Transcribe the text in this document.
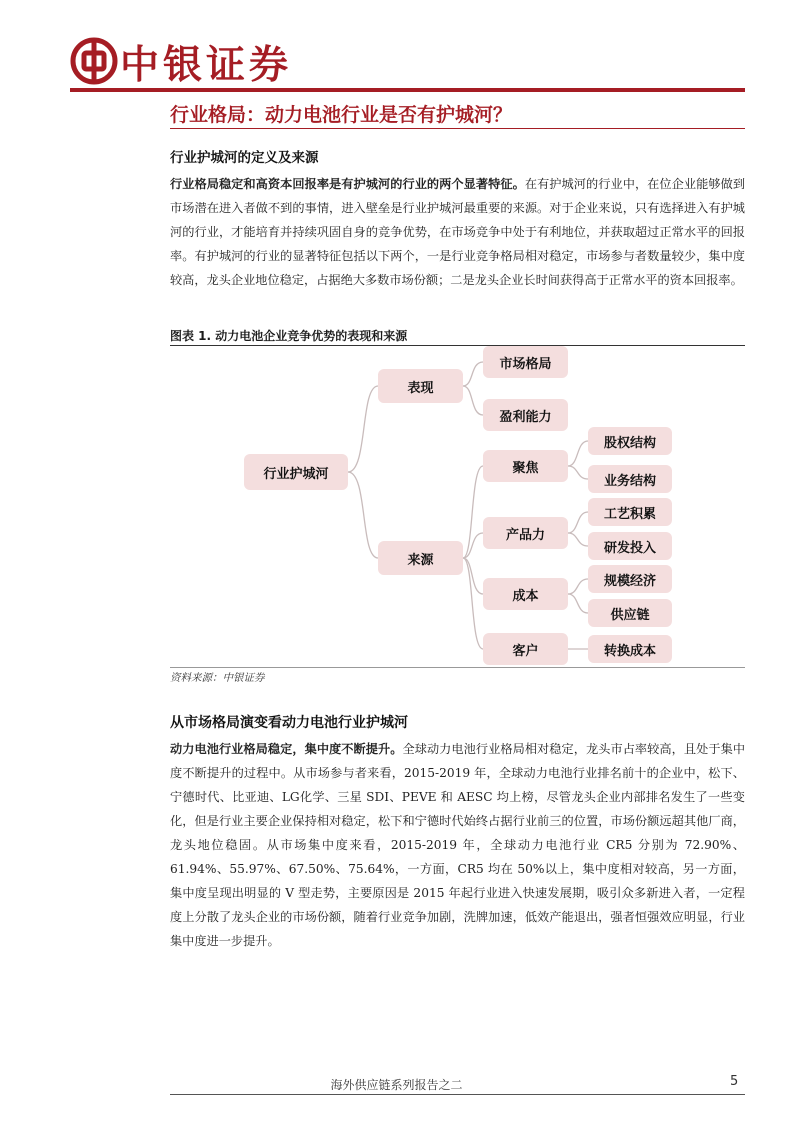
中银证券
行业格局：动力电池行业是否有护城河？
行业护城河的定义及来源
行业格局稳定和高资本回报率是有护城河的行业的两个显著特征。在有护城河的行业中，在位企业能够做到市场潜在进入者做不到的事情，进入壁垒是行业护城河最重要的来源。对于企业来说，只有选择进入有护城河的行业，才能培育并持续巩固自身的竞争优势，在市场竞争中处于有利地位，并获取超过正常水平的回报率。有护城河的行业的显著特征包括以下两个，一是行业竞争格局相对稳定，市场参与者数量较少，集中度较高，龙头企业地位稳定，占据绝大多数市场份额；二是龙头企业长时间获得高于正常水平的资本回报率。
图表 1. 动力电池企业竞争优势的表现和来源
行业护城河
表现
来源
市场格局
盈利能力
聚焦
产品力
成本
客户
股权结构
业务结构
工艺积累
研发投入
规模经济
供应链
转换成本
资料来源：中银证券
从市场格局演变看动力电池行业护城河
动力电池行业格局稳定，集中度不断提升。全球动力电池行业格局相对稳定，龙头市占率较高，且处于集中度不断提升的过程中。从市场参与者来看，2015-2019 年，全球动力电池行业排名前十的企业中，松下、宁德时代、比亚迪、LG化学、三星 SDI、PEVE 和 AESC 均上榜，尽管龙头企业内部排名发生了一些变化，但是行业主要企业保持相对稳定，松下和宁德时代始终占据行业前三的位置，市场份额远超其他厂商，龙头地位稳固。从市场集中度来看，2015-2019 年，全球动力电池行业 CR5 分别为 72.90%、61.94%、55.97%、67.50%、75.64%，一方面，CR5 均在 50%以上，集中度相对较高，另一方面，集中度呈现出明显的 V 型走势，主要原因是 2015 年起行业进入快速发展期，吸引众多新进入者，一定程度上分散了龙头企业的市场份额，随着行业竞争加剧，洗牌加速，低效产能退出，强者恒强效应明显，行业集中度进一步提升。
海外供应链系列报告之二	5
